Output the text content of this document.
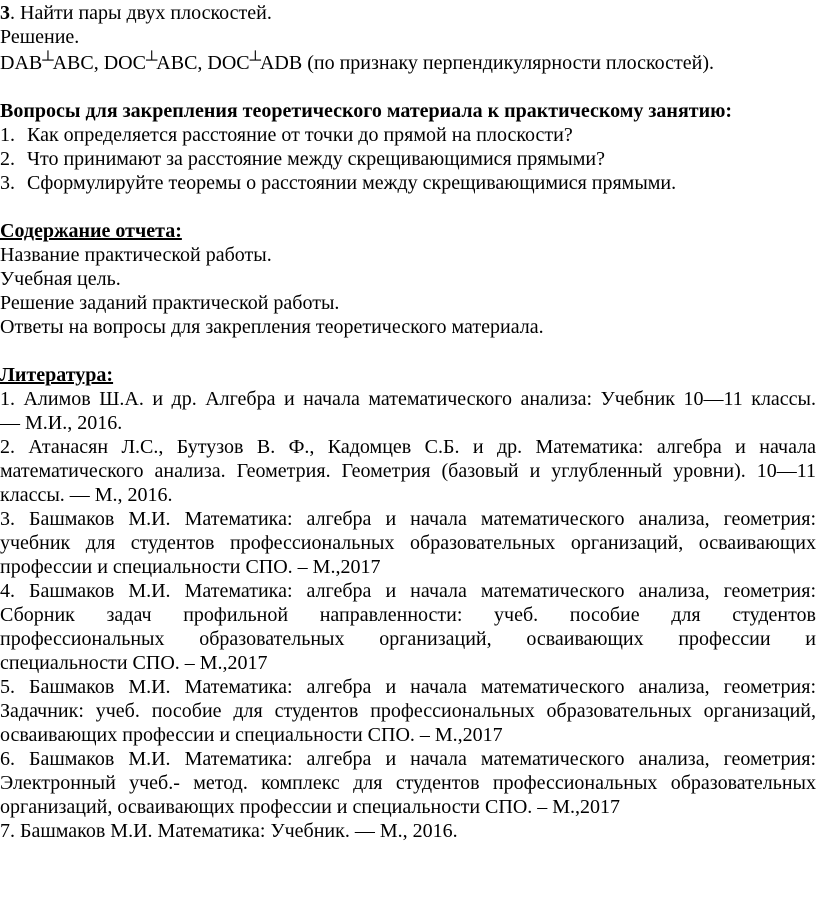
3. Найти пары двух плоскостей.

Решение.

DAB┴ABC, DOC┴ABC, DOC┴ADB (по признаку перпендикулярности плоскостей).

Вопросы для закрепления теоретического материала к практическому занятию:

1. Как определяется расстояние от точки до прямой на плоскости?
2. Что принимают за расстояние между скрещивающимися прямыми?
3. Сформулируйте теоремы о расстоянии между скрещивающимися прямыми.

Содержание отчета:

Название практической работы.

Учебная цель.

Решение заданий практической работы.

Ответы на вопросы для закрепления теоретического материала.

Литература:

1. Алимов Ш.А. и др. Алгебра и начала математического анализа: Учебник 10—11 классы.
— М.И., 2016.
2. Атанасян Л.С., Бутузов В. Ф., Кадомцев С.Б. и др. Математика: алгебра и начала
математического анализа. Геометрия. Геометрия (базовый и углубленный уровни). 10—11
классы. — М., 2016.
3. Башмаков М.И. Математика: алгебра и начала математического анализа, геометрия:
учебник для студентов профессиональных образовательных организаций, осваивающих
профессии и специальности СПО. – М.,2017
4. Башмаков М.И. Математика: алгебра и начала математического анализа, геометрия:
Сборник задач профильной направленности: учеб. пособие для студентов
профессиональных образовательных организаций, осваивающих профессии и
специальности СПО. – М.,2017
5. Башмаков М.И. Математика: алгебра и начала математического анализа, геометрия:
Задачник: учеб. пособие для студентов профессиональных образовательных организаций,
осваивающих профессии и специальности СПО. – М.,2017
6. Башмаков М.И. Математика: алгебра и начала математического анализа, геометрия:
Электронный учеб.- метод. комплекс для студентов профессиональных образовательных
организаций, осваивающих профессии и специальности СПО. – М.,2017
7. Башмаков М.И. Математика: Учебник. — М., 2016.
